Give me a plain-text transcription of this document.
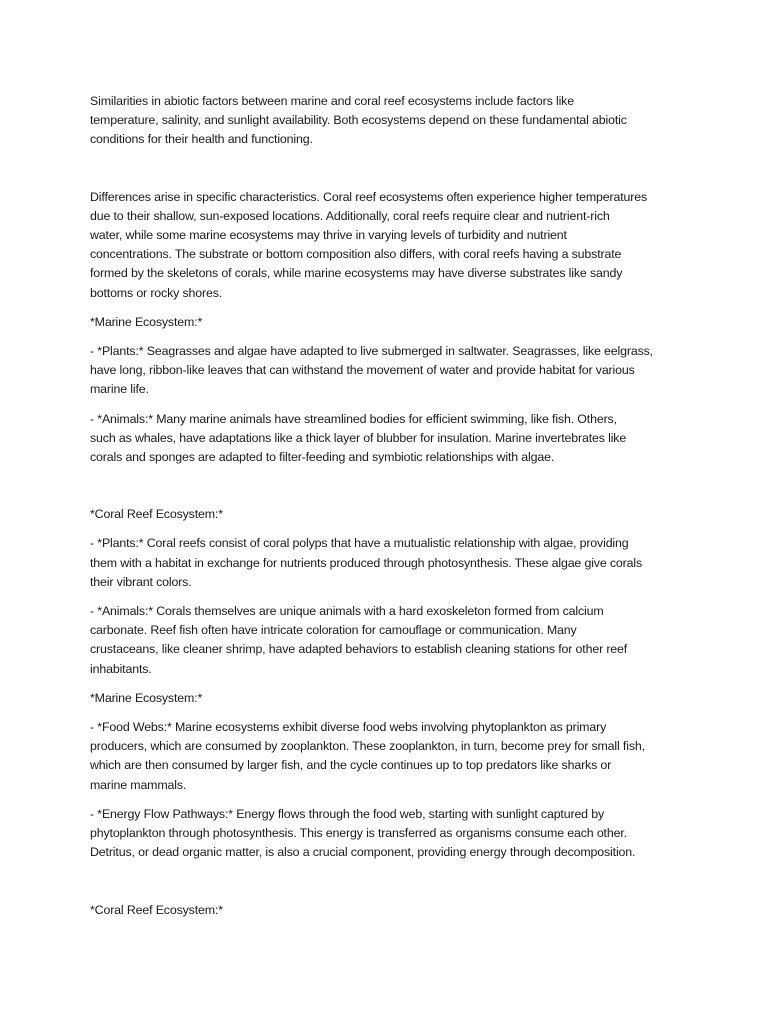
Similarities in abiotic factors between marine and coral reef ecosystems include factors like
temperature, salinity, and sunlight availability. Both ecosystems depend on these fundamental abiotic
conditions for their health and functioning.

Differences arise in specific characteristics. Coral reef ecosystems often experience higher temperatures
due to their shallow, sun-exposed locations. Additionally, coral reefs require clear and nutrient-rich
water, while some marine ecosystems may thrive in varying levels of turbidity and nutrient
concentrations. The substrate or bottom composition also differs, with coral reefs having a substrate
formed by the skeletons of corals, while marine ecosystems may have diverse substrates like sandy
bottoms or rocky shores.

*Marine Ecosystem:*

- *Plants:* Seagrasses and algae have adapted to live submerged in saltwater. Seagrasses, like eelgrass,
have long, ribbon-like leaves that can withstand the movement of water and provide habitat for various
marine life.

- *Animals:* Many marine animals have streamlined bodies for efficient swimming, like fish. Others,
such as whales, have adaptations like a thick layer of blubber for insulation. Marine invertebrates like
corals and sponges are adapted to filter-feeding and symbiotic relationships with algae.

*Coral Reef Ecosystem:*

- *Plants:* Coral reefs consist of coral polyps that have a mutualistic relationship with algae, providing
them with a habitat in exchange for nutrients produced through photosynthesis. These algae give corals
their vibrant colors.

- *Animals:* Corals themselves are unique animals with a hard exoskeleton formed from calcium
carbonate. Reef fish often have intricate coloration for camouflage or communication. Many
crustaceans, like cleaner shrimp, have adapted behaviors to establish cleaning stations for other reef
inhabitants.

*Marine Ecosystem:*

- *Food Webs:* Marine ecosystems exhibit diverse food webs involving phytoplankton as primary
producers, which are consumed by zooplankton. These zooplankton, in turn, become prey for small fish,
which are then consumed by larger fish, and the cycle continues up to top predators like sharks or
marine mammals.

- *Energy Flow Pathways:* Energy flows through the food web, starting with sunlight captured by
phytoplankton through photosynthesis. This energy is transferred as organisms consume each other.
Detritus, or dead organic matter, is also a crucial component, providing energy through decomposition.

*Coral Reef Ecosystem:*
